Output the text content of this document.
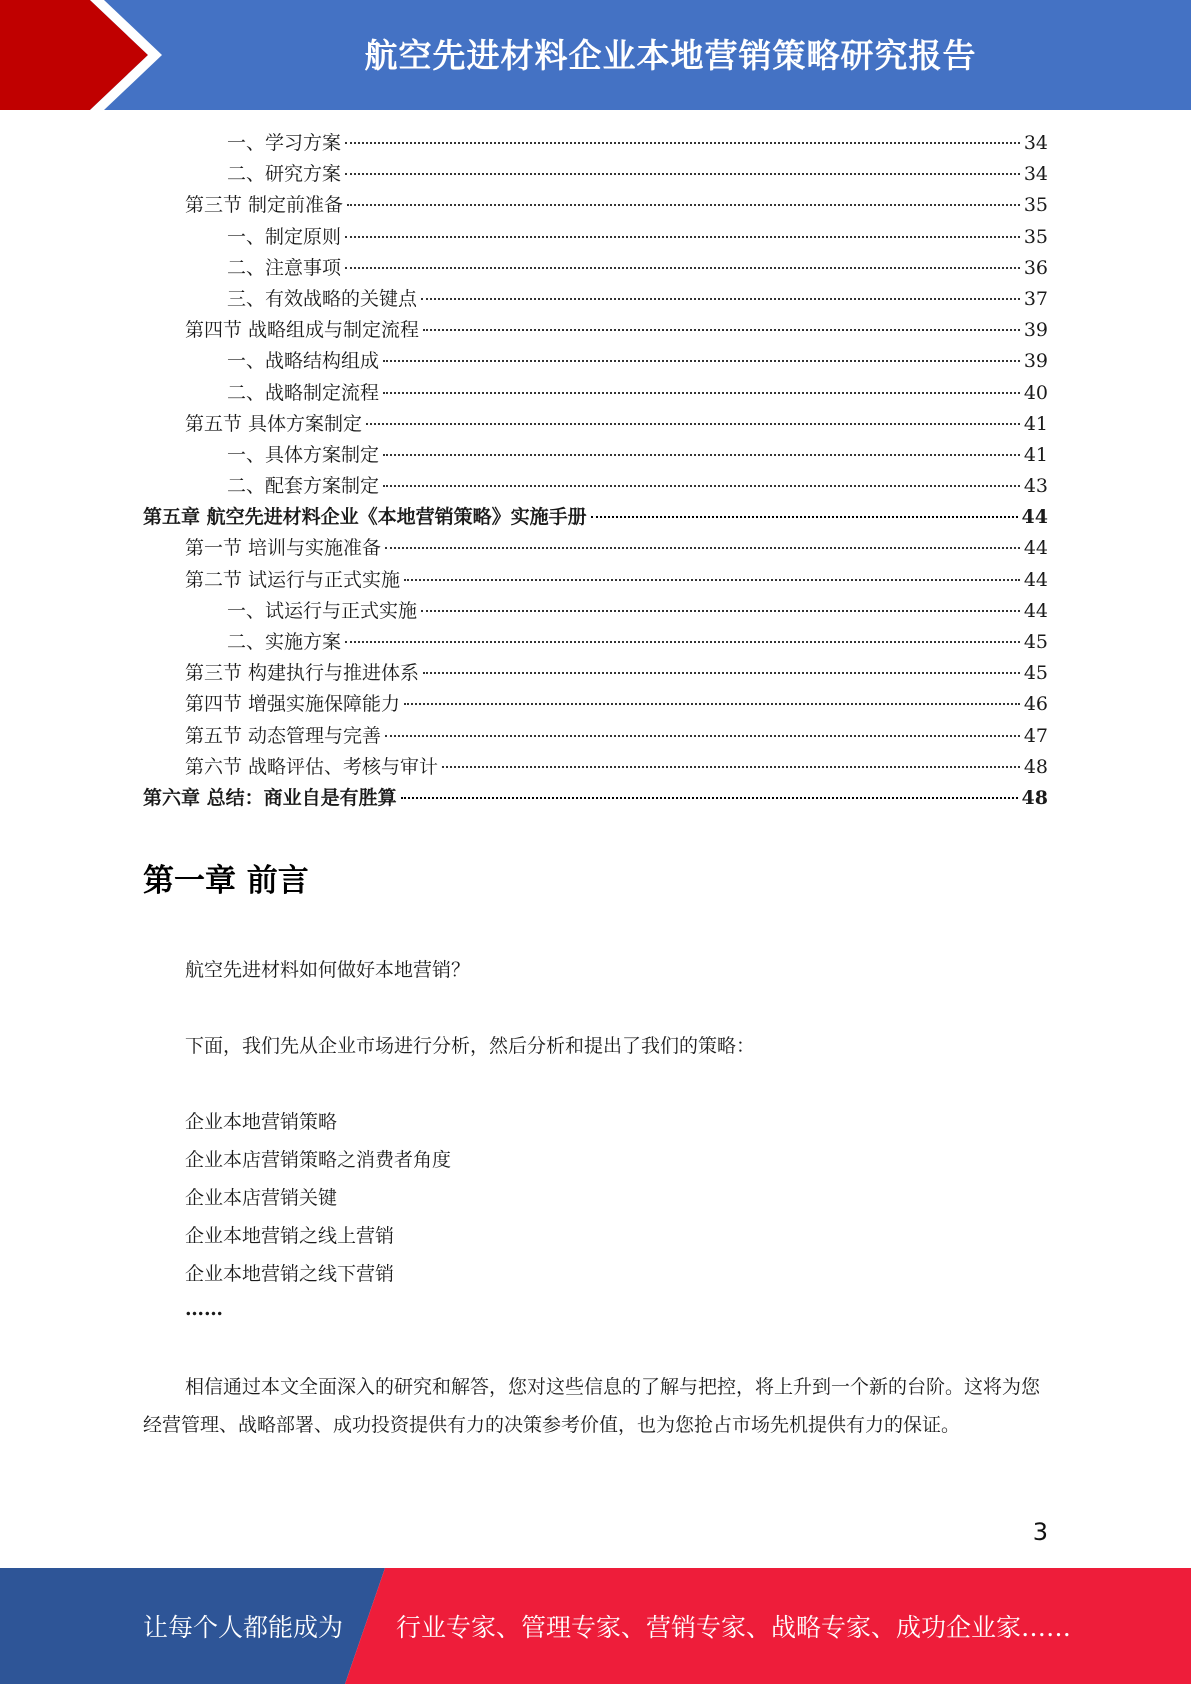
航空先进材料企业本地营销策略研究报告
一、学习方案	34
二、研究方案	34
第三节 制定前准备	35
一、制定原则	35
二、注意事项	36
三、有效战略的关键点	37
第四节 战略组成与制定流程	39
一、战略结构组成	39
二、战略制定流程	40
第五节 具体方案制定	41
一、具体方案制定	41
二、配套方案制定	43
第五章 航空先进材料企业《本地营销策略》实施手册	44
第一节 培训与实施准备	44
第二节 试运行与正式实施	44
一、试运行与正式实施	44
二、实施方案	45
第三节 构建执行与推进体系	45
第四节 增强实施保障能力	46
第五节 动态管理与完善	47
第六节 战略评估、考核与审计	48
第六章 总结：商业自是有胜算	48
第一章 前言
航空先进材料如何做好本地营销？
下面，我们先从企业市场进行分析，然后分析和提出了我们的策略：
企业本地营销策略
企业本店营销策略之消费者角度
企业本店营销关键
企业本地营销之线上营销
企业本地营销之线下营销
……
相信通过本文全面深入的研究和解答，您对这些信息的了解与把控，将上升到一个新的台阶。这将为您经营管理、战略部署、成功投资提供有力的决策参考价值，也为您抢占市场先机提供有力的保证。
3
让每个人都能成为 行业专家、管理专家、营销专家、战略专家、成功企业家……
